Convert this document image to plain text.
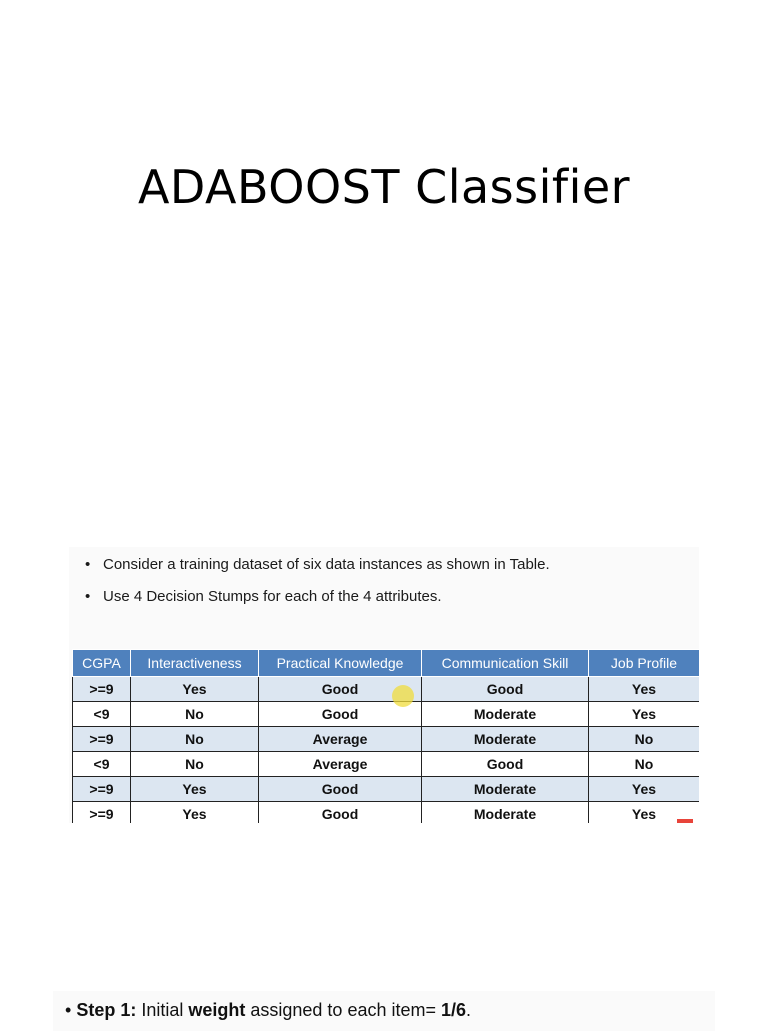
ADABOOST Classifier
• Consider a training dataset of six data instances as shown in Table.
• Use 4 Decision Stumps for each of the 4 attributes.
CGPA	Interactiveness	Practical Knowledge	Communication Skill	Job Profile
>=9	Yes	Good	Good	Yes
<9	No	Good	Moderate	Yes
>=9	No	Average	Moderate	No
<9	No	Average	Good	No
>=9	Yes	Good	Moderate	Yes
>=9	Yes	Good	Moderate	Yes
• Step 1: Initial weight assigned to each item= 1/6.
